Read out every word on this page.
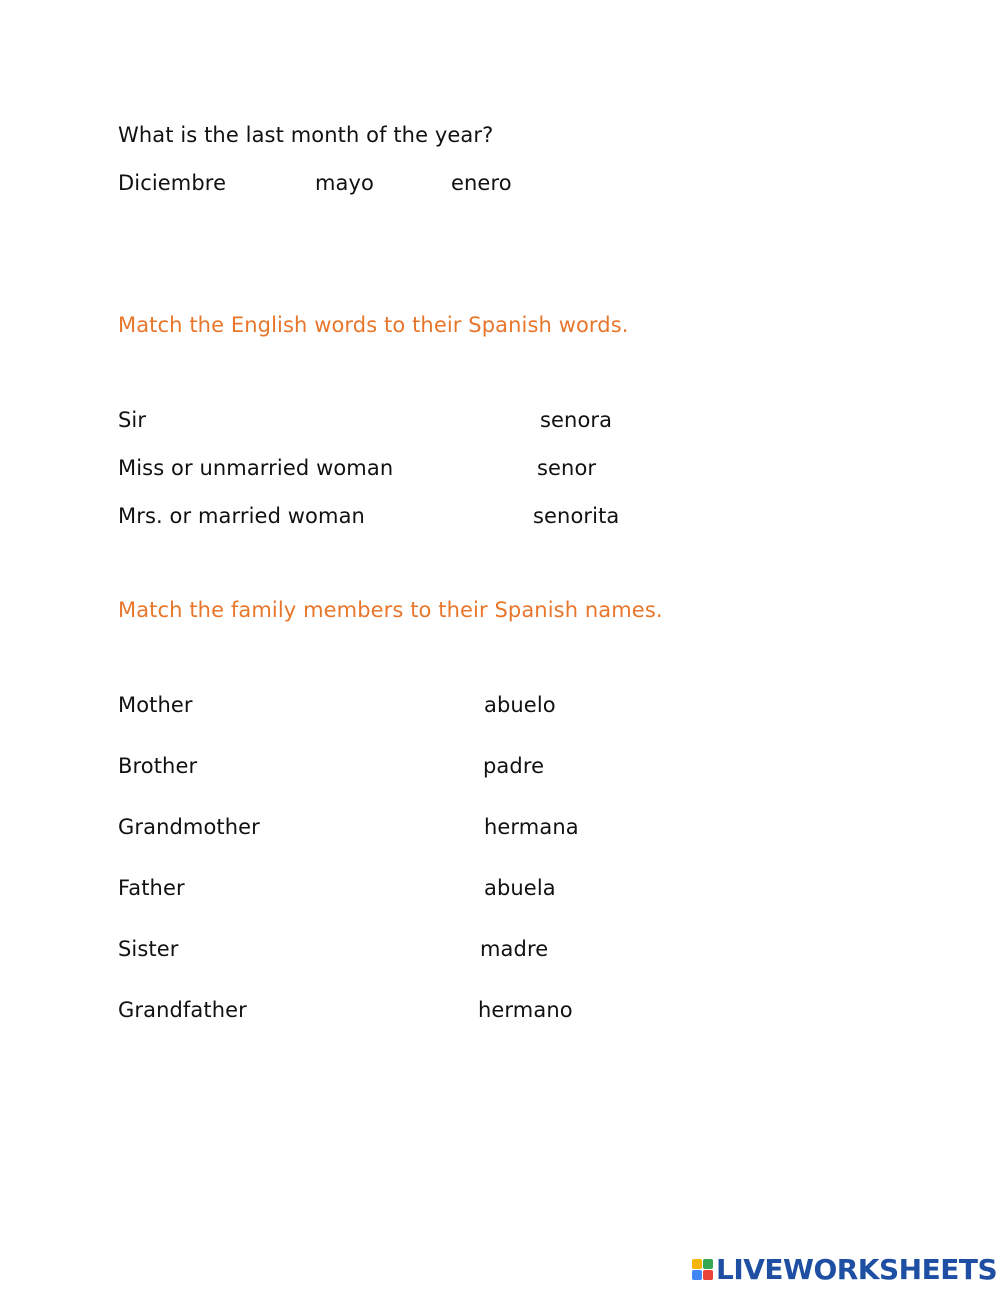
What is the last month of the year?
Diciembre	mayo	enero
Match the English words to their Spanish words.
Sir	senora
Miss or unmarried woman	senor
Mrs. or married woman	senorita
Match the family members to their Spanish names.
Mother	abuelo
Brother	padre
Grandmother	hermana
Father	abuela
Sister	madre
Grandfather	hermano
LIVEWORKSHEETS
